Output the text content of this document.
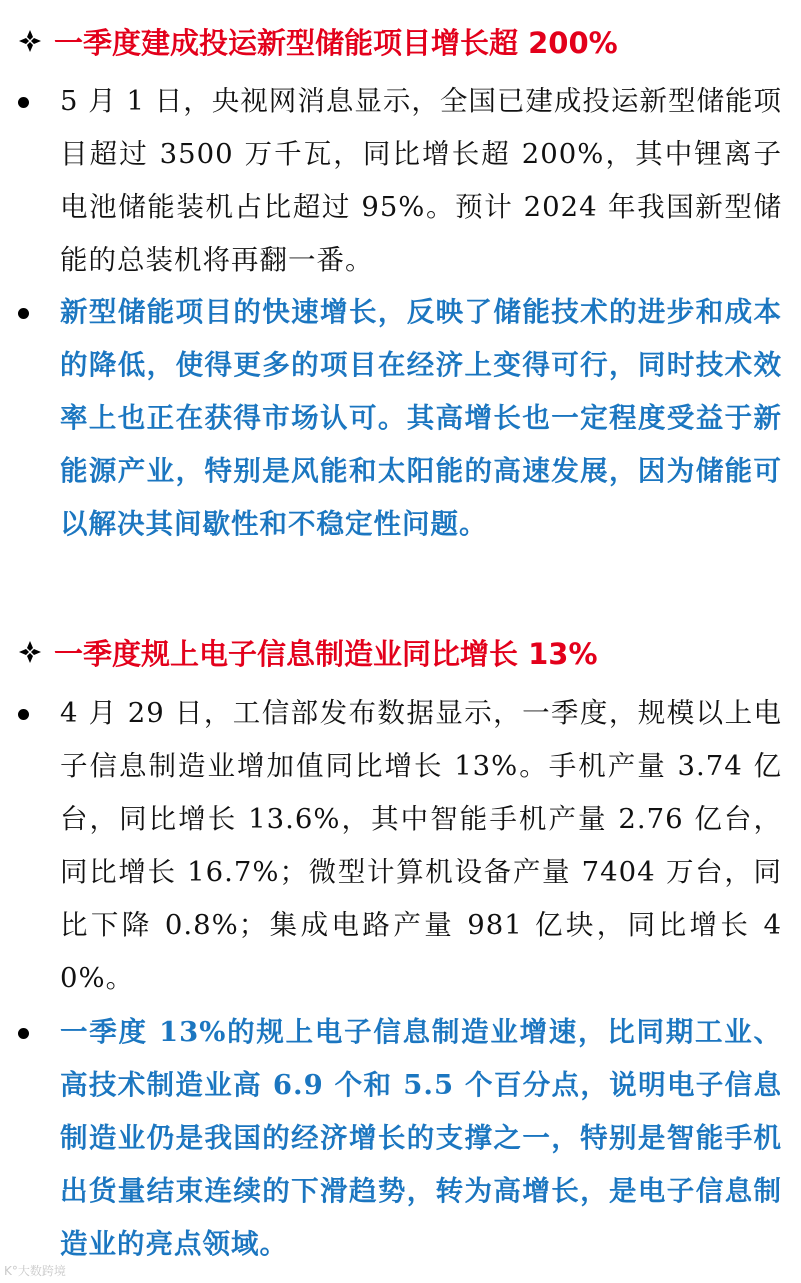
一季度建成投运新型储能项目增长超 200%
5 月 1 日，央视网消息显示，全国已建成投运新型储能项目超过 3500 万千瓦，同比增长超 200%，其中锂离子电池储能装机占比超过 95%。预计 2024 年我国新型储能的总装机将再翻一番。
新型储能项目的快速增长，反映了储能技术的进步和成本的降低，使得更多的项目在经济上变得可行，同时技术效率上也正在获得市场认可。其高增长也一定程度受益于新能源产业，特别是风能和太阳能的高速发展，因为储能可以解决其间歇性和不稳定性问题。
一季度规上电子信息制造业同比增长 13%
4 月 29 日，工信部发布数据显示，一季度，规模以上电子信息制造业增加值同比增长 13%。手机产量 3.74 亿台，同比增长 13.6%，其中智能手机产量 2.76 亿台，同比增长 16.7%；微型计算机设备产量 7404 万台，同比下降 0.8%；集成电路产量 981 亿块，同比增长 40%。
一季度 13%的规上电子信息制造业增速，比同期工业、高技术制造业高 6.9 个和 5.5 个百分点，说明电子信息制造业仍是我国的经济增长的支撑之一，特别是智能手机出货量结束连续的下滑趋势，转为高增长，是电子信息制造业的亮点领域。
K°大数跨境
